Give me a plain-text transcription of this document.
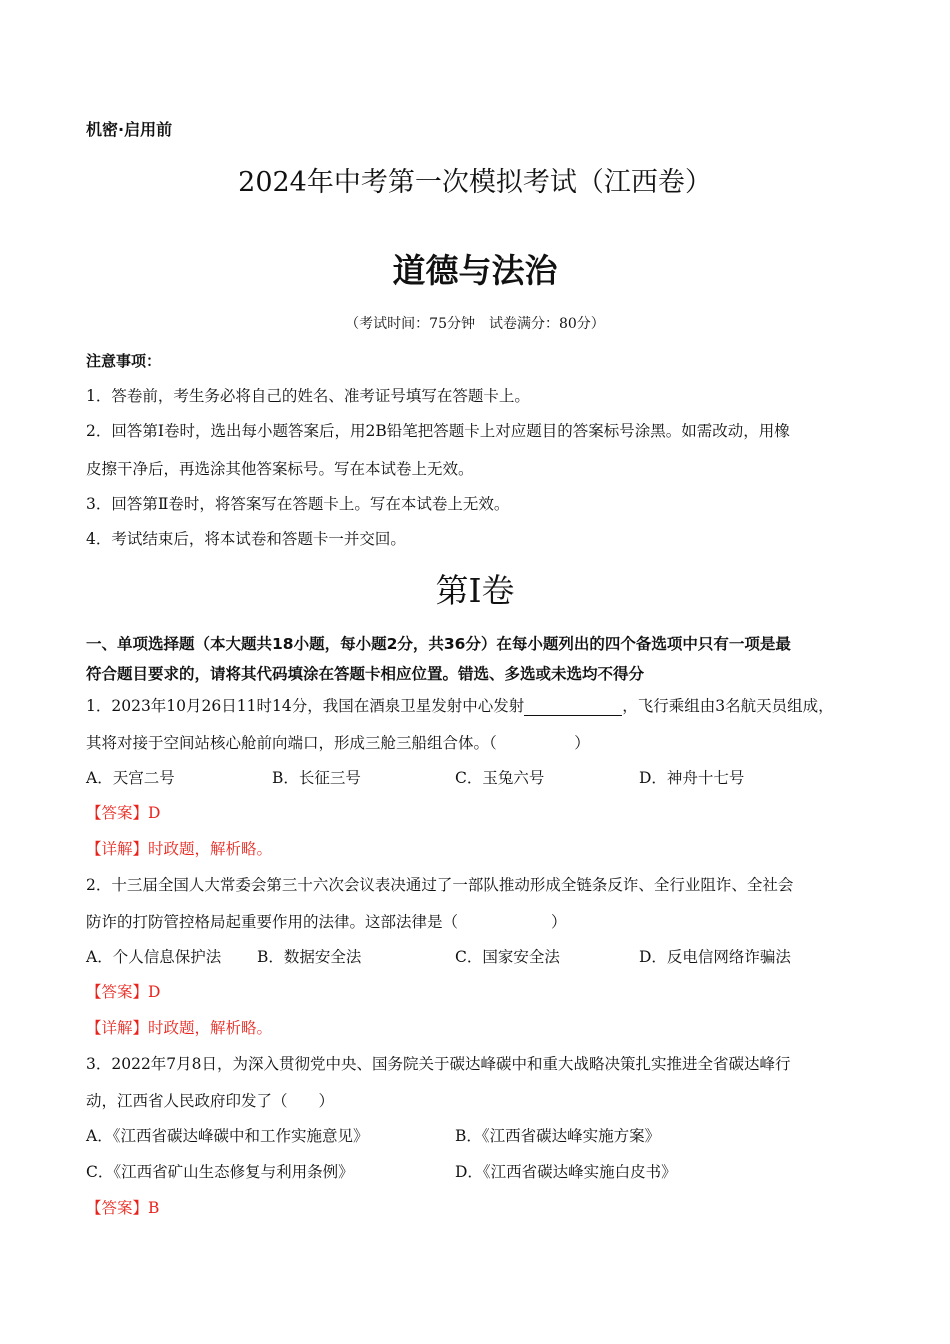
机密·启用前
2024年中考第一次模拟考试（江西卷）
道德与法治
（考试时间：75分钟　试卷满分：80分）
注意事项：
1．答卷前，考生务必将自己的姓名、准考证号填写在答题卡上。
2．回答第Ⅰ卷时，选出每小题答案后，用2B铅笔把答题卡上对应题目的答案标号涂黑。如需改动，用橡
皮擦干净后，再选涂其他答案标号。写在本试卷上无效。
3．回答第Ⅱ卷时，将答案写在答题卡上。写在本试卷上无效。
4．考试结束后，将本试卷和答题卡一并交回。
第Ⅰ卷
一、单项选择题（本大题共18小题，每小题2分，共36分）在每小题列出的四个备选项中只有一项是最
符合题目要求的，请将其代码填涂在答题卡相应位置。错选、多选或未选均不得分
1．2023年10月26日11时14分，我国在酒泉卫星发射中心发射	，飞行乘组由3名航天员组成，
其将对接于空间站核心舱前向端口，形成三舱三船组合体。（　　　　　）
A．天宫二号	B．长征三号	C．玉兔六号	D．神舟十七号
【答案】D
【详解】时政题，解析略。
2．十三届全国人大常委会第三十六次会议表决通过了一部队推动形成全链条反诈、全行业阻诈、全社会
防诈的打防管控格局起重要作用的法律。这部法律是（　　　　　　）
A．个人信息保护法 B．数据安全法	C．国家安全法	D．反电信网络诈骗法
【答案】D
【详解】时政题，解析略。
3．2022年7月8日，为深入贯彻党中央、国务院关于碳达峰碳中和重大战略决策扎实推进全省碳达峰行
动，江西省人民政府印发了（　　）
A．《江西省碳达峰碳中和工作实施意见》	B．《江西省碳达峰实施方案》
C．《江西省矿山生态修复与利用条例》	D．《江西省碳达峰实施白皮书》
【答案】B
